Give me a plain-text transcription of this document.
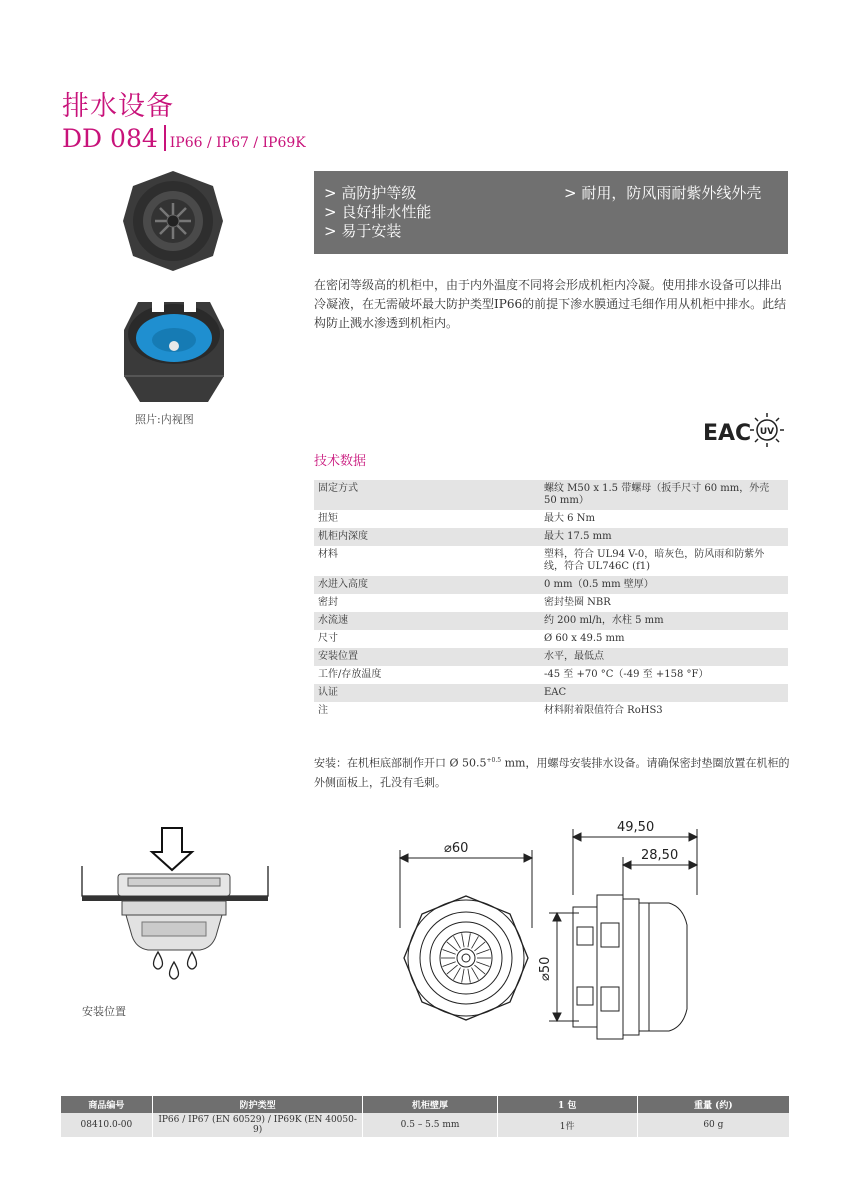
排水设备
DD 084 IP66 / IP67 / IP69K
照片:内视图
> 高防护等级
> 良好排水性能
> 易于安装
> 耐用，防风雨耐紫外线外壳
在密闭等级高的机柜中，由于内外温度不同将会形成机柜内冷凝。使用排水设备可以排出冷凝液，在无需破坏最大防护类型IP66的前提下渗水膜通过毛细作用从机柜中排水。此结构防止溅水渗透到机柜内。
EAC UV
技术数据
固定方式	螺纹 M50 x 1.5 带螺母（扳手尺寸 60 mm，外壳 50 mm）
扭矩	最大 6 Nm
机柜内深度	最大 17.5 mm
材料	塑料，符合 UL94 V-0，暗灰色，防风雨和防紫外线，符合 UL746C (f1)
水进入高度	0 mm（0.5 mm 壁厚）
密封	密封垫圈 NBR
水流速	约 200 ml/h，水柱 5 mm
尺寸	Ø 60 x 49.5 mm
安装位置	水平，最低点
工作/存放温度	-45 至 +70 °C（-49 至 +158 °F）
认证	EAC
注	材料附着限值符合 RoHS3
安装：在机柜底部制作开口 Ø $50.5^{+0.5}$ mm，用螺母安装排水设备。请确保密封垫圈放置在机柜的外侧面板上，孔没有毛刺。
安装位置
⌀60
49,50
28,50
⌀50
商品编号	防护类型	机柜壁厚	1 包	重量 (约)
08410.0-00	IP66 / IP67 (EN 60529) / IP69K (EN 40050-9)	0.5 – 5.5 mm	1件	60 g
